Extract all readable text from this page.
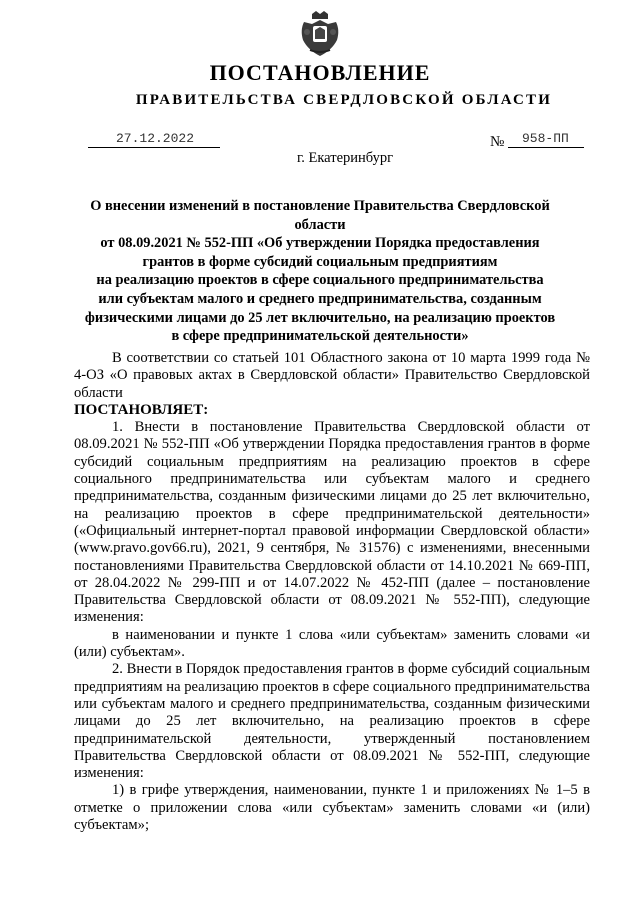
ПОСТАНОВЛЕНИЕ
ПРАВИТЕЛЬСТВА СВЕРДЛОВСКОЙ ОБЛАСТИ
27.12.2022	№ 958-ПП
г. Екатеринбург
О внесении изменений в постановление Правительства Свердловской области
от 08.09.2021 № 552-ПП «Об утверждении Порядка предоставления
грантов в форме субсидий социальным предприятиям
на реализацию проектов в сфере социального предпринимательства
или субъектам малого и среднего предпринимательства, созданным
физическими лицами до 25 лет включительно, на реализацию проектов
в сфере предпринимательской деятельности»

В соответствии со статьей 101 Областного закона от 10 марта 1999 года № 4-ОЗ «О правовых актах в Свердловской области» Правительство Свердловской области

ПОСТАНОВЛЯЕТ:

1. Внести в постановление Правительства Свердловской области от 08.09.2021 № 552-ПП «Об утверждении Порядка предоставления грантов в форме субсидий социальным предприятиям на реализацию проектов в сфере социального предпринимательства или субъектам малого и среднего предпринимательства, созданным физическими лицами до 25 лет включительно, на реализацию проектов в сфере предпринимательской деятельности» («Официальный интернет-портал правовой информации Свердловской области» (www.pravo.gov66.ru), 2021, 9 сентября, № 31576) с изменениями, внесенными постановлениями Правительства Свердловской области от 14.10.2021 № 669-ПП, от 28.04.2022 № 299-ПП и от 14.07.2022 № 452-ПП (далее – постановление Правительства Свердловской области от 08.09.2021 № 552-ПП), следующие изменения:

в наименовании и пункте 1 слова «или субъектам» заменить словами «и (или) субъектам».

2. Внести в Порядок предоставления грантов в форме субсидий социальным предприятиям на реализацию проектов в сфере социального предпринимательства или субъектам малого и среднего предпринимательства, созданным физическими лицами до 25 лет включительно, на реализацию проектов в сфере предпринимательской деятельности, утвержденный постановлением Правительства Свердловской области от 08.09.2021 № 552-ПП, следующие изменения:

1) в грифе утверждения, наименовании, пункте 1 и приложениях № 1–5 в отметке о приложении слова «или субъектам» заменить словами «и (или) субъектам»;
